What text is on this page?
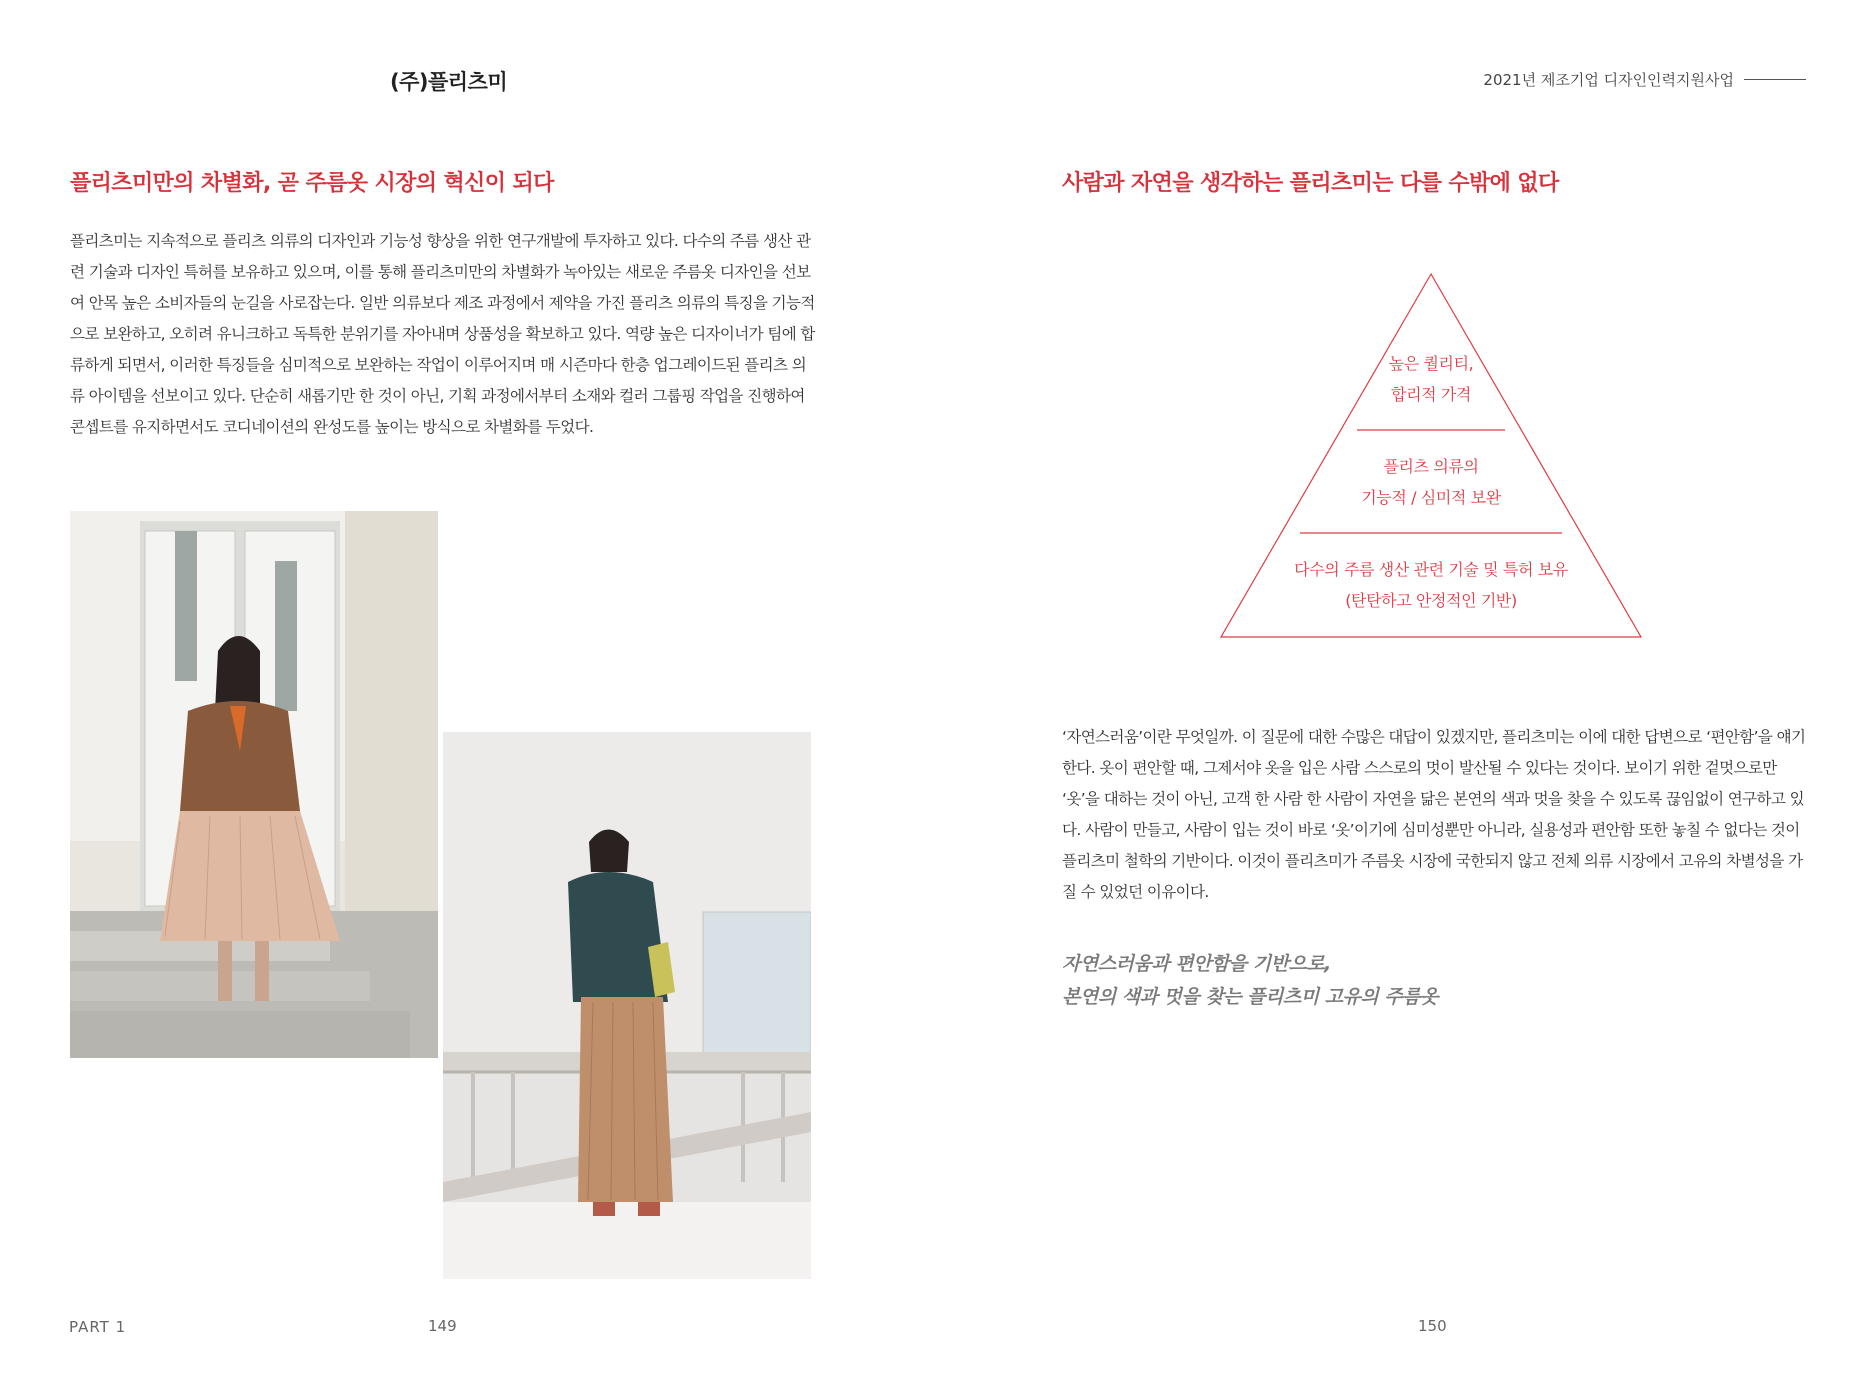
(주)플리츠미	2021년 제조기업 디자인인력지원사업
플리츠미만의 차별화, 곧 주름옷 시장의 혁신이 되다
플리츠미는 지속적으로 플리츠 의류의 디자인과 기능성 향상을 위한 연구개발에 투자하고 있다. 다수의 주름 생산 관련 기술과 디자인 특허를 보유하고 있으며, 이를 통해 플리츠미만의 차별화가 녹아있는 새로운 주름옷 디자인을 선보여 안목 높은 소비자들의 눈길을 사로잡는다. 일반 의류보다 제조 과정에서 제약을 가진 플리츠 의류의 특징을 기능적으로 보완하고, 오히려 유니크하고 독특한 분위기를 자아내며 상품성을 확보하고 있다. 역량 높은 디자이너가 팀에 합류하게 되면서, 이러한 특징들을 심미적으로 보완하는 작업이 이루어지며 매 시즌마다 한층 업그레이드된 플리츠 의류 아이템을 선보이고 있다. 단순히 새롭기만 한 것이 아닌, 기획 과정에서부터 소재와 컬러 그룹핑 작업을 진행하여 콘셉트를 유지하면서도 코디네이션의 완성도를 높이는 방식으로 차별화를 두었다.
사람과 자연을 생각하는 플리츠미는 다를 수밖에 없다
높은 퀄리티,
합리적 가격
플리츠 의류의
기능적 / 심미적 보완
다수의 주름 생산 관련 기술 및 특허 보유
(탄탄하고 안정적인 기반)
‘자연스러움’이란 무엇일까. 이 질문에 대한 수많은 대답이 있겠지만, 플리츠미는 이에 대한 답변으로 ‘편안함’을 얘기한다. 옷이 편안할 때, 그제서야 옷을 입은 사람 스스로의 멋이 발산될 수 있다는 것이다. 보이기 위한 겉멋으로만 ‘옷’을 대하는 것이 아닌, 고객 한 사람 한 사람이 자연을 닮은 본연의 색과 멋을 찾을 수 있도록 끊임없이 연구하고 있다. 사람이 만들고, 사람이 입는 것이 바로 ‘옷’이기에 심미성뿐만 아니라, 실용성과 편안함 또한 놓칠 수 없다는 것이 플리츠미 철학의 기반이다. 이것이 플리츠미가 주름옷 시장에 국한되지 않고 전체 의류 시장에서 고유의 차별성을 가질 수 있었던 이유이다.
자연스러움과 편안함을 기반으로,
본연의 색과 멋을 찾는 플리츠미 고유의 주름옷
PART 1	149	150
